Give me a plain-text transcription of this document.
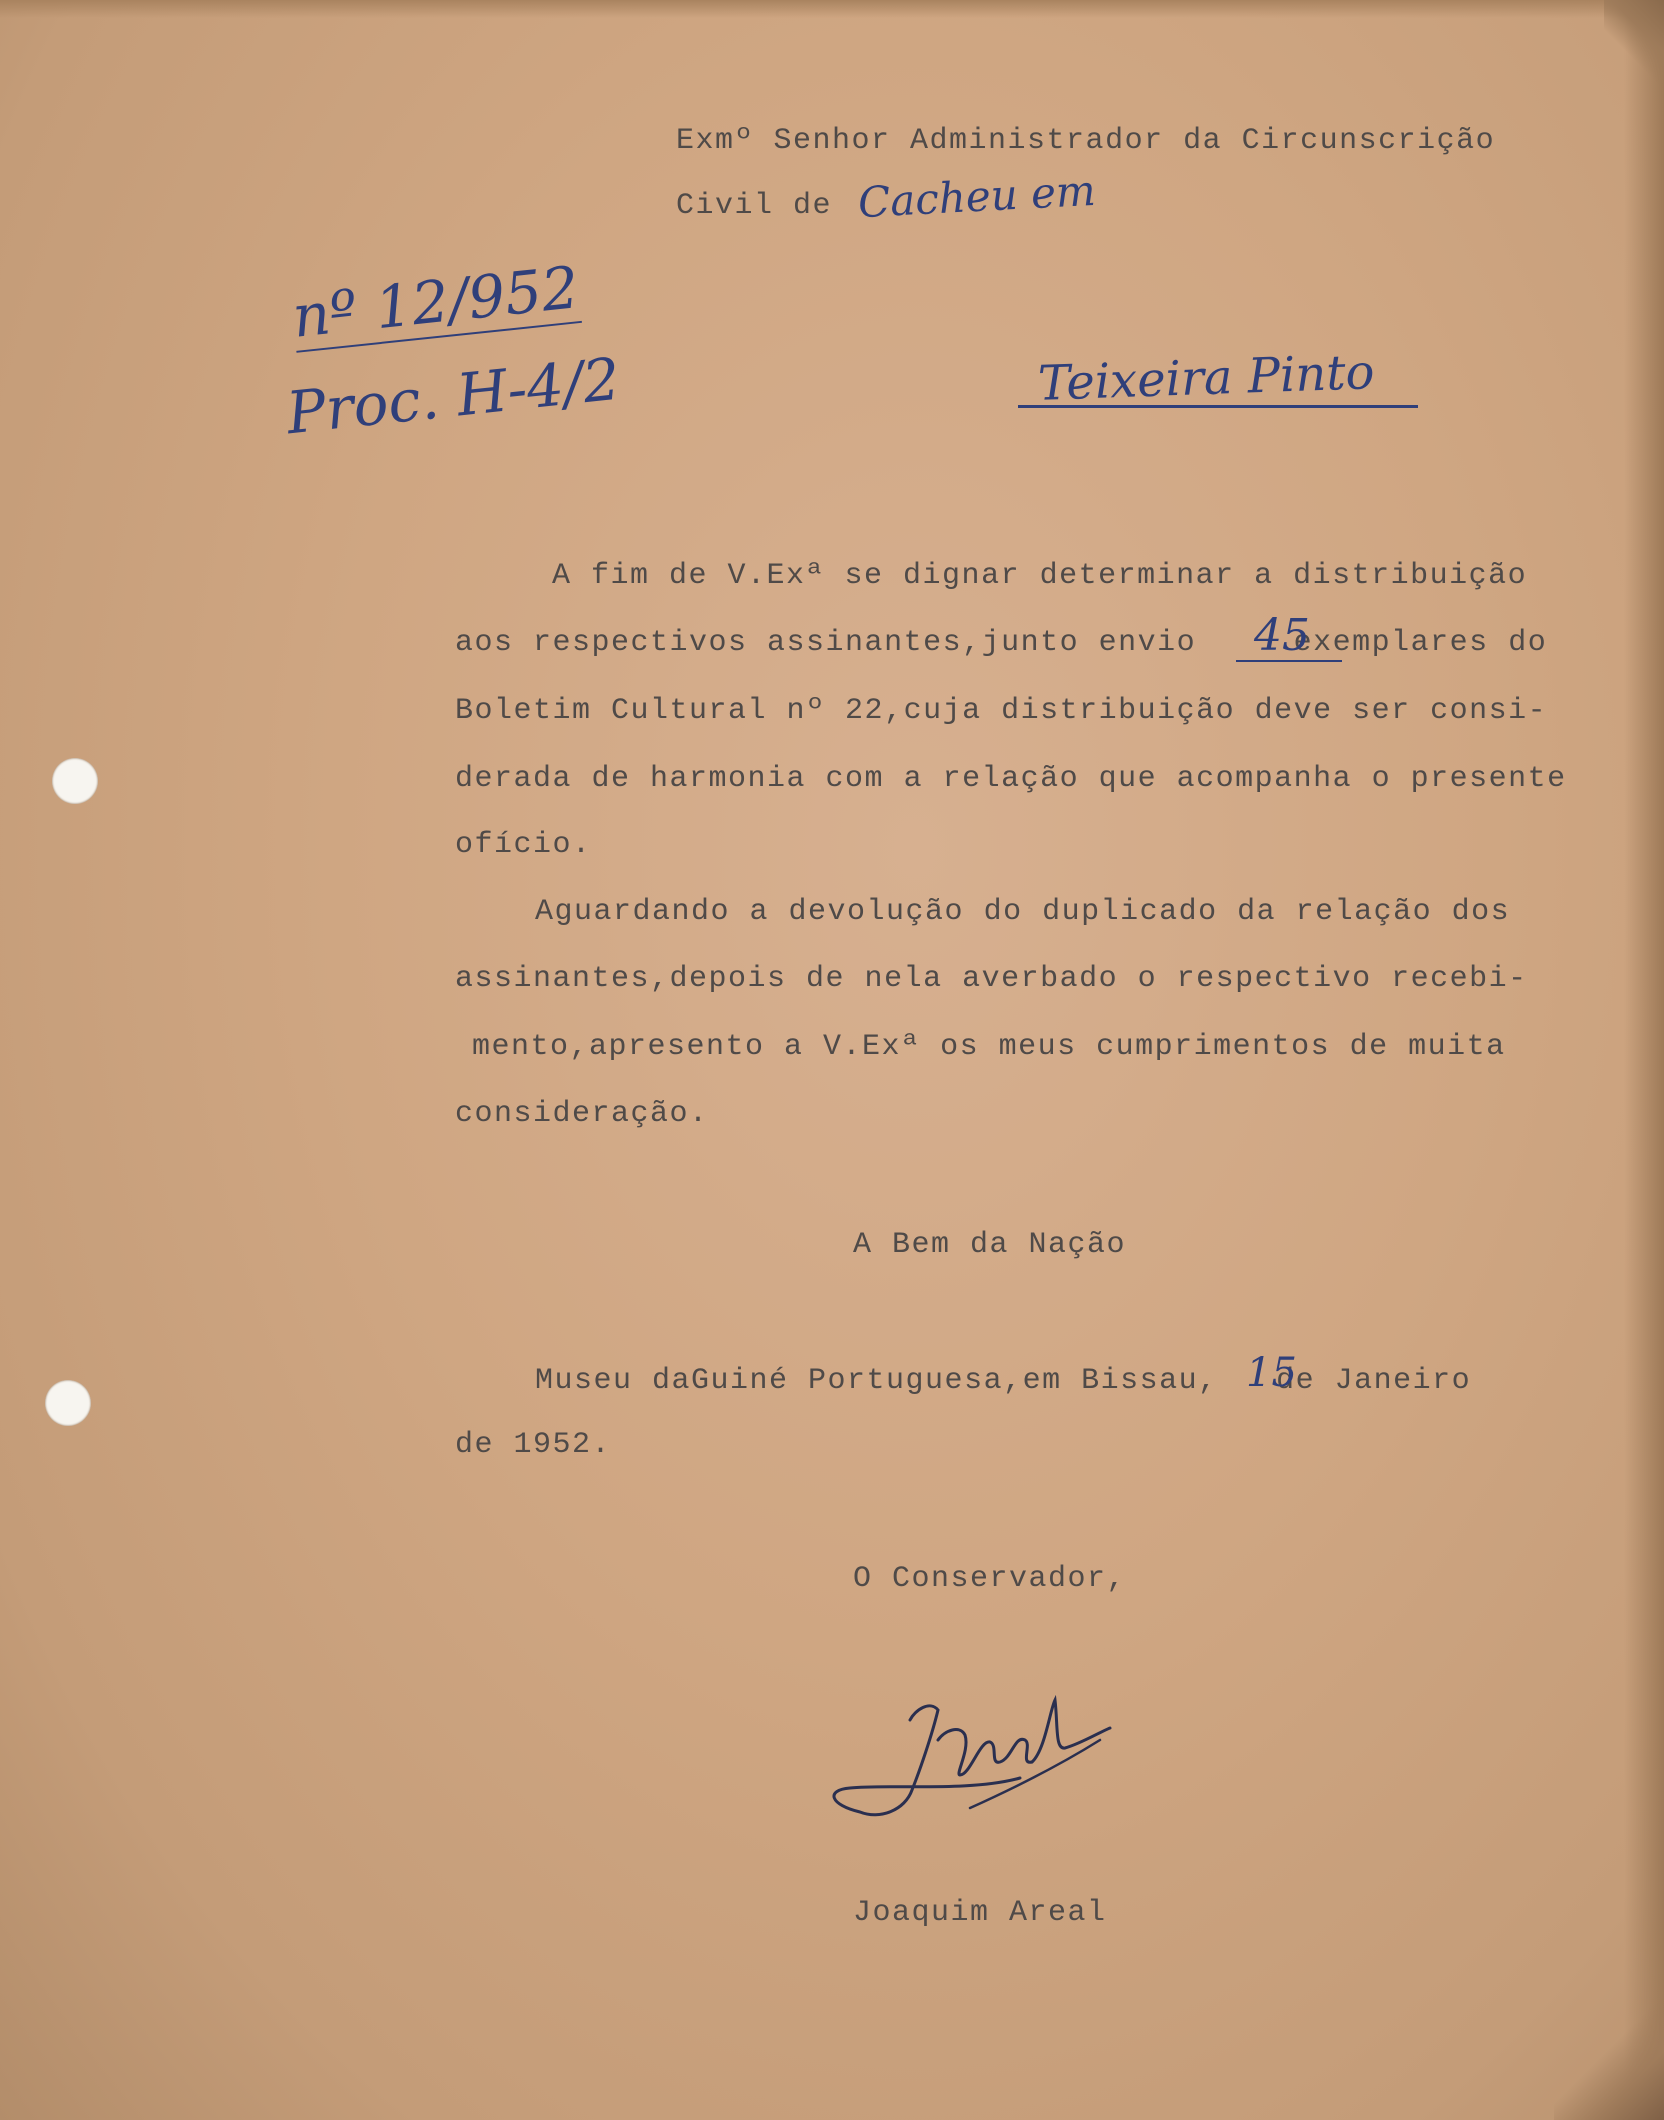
Exmº Senhor Administrador da Circunscrição
Civil de Cacheu em
nº 12/952
Proc. H-4/2	Teixeira Pinto
A fim de V.Exª se dignar determinar a distribuição
aos respectivos assinantes,junto envio	exemplares do
45
Boletim Cultural nº 22,cuja distribuição deve ser consi-
derada de harmonia com a relação que acompanha o presente
ofício.
Aguardando a devolução do duplicado da relação dos
assinantes,depois de nela averbado o respectivo recebi-
mento,apresento a V.Exª os meus cumprimentos de muita
consideração.
A Bem da Nação
Museu daGuiné Portuguesa,em Bissau, de Janeiro
15
de 1952.
O Conservador,
Joaquim Areal
